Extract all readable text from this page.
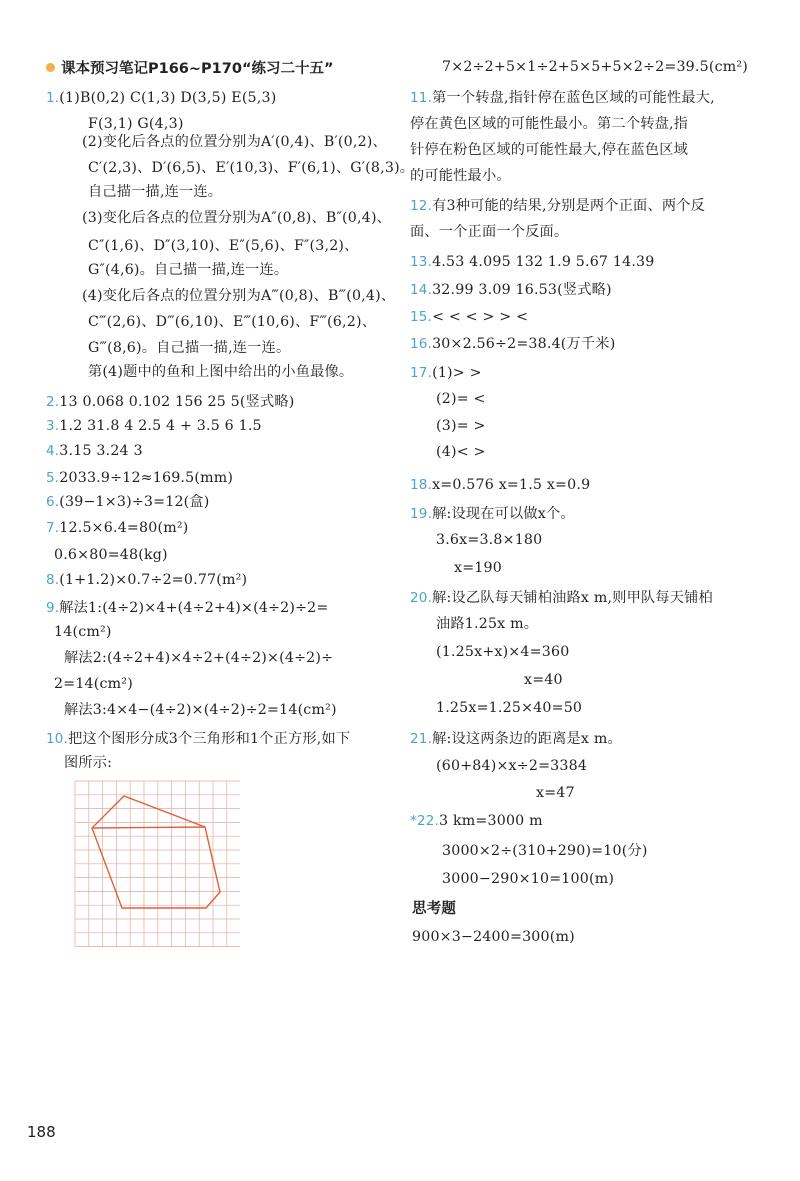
课本预习笔记P166~P170“练习二十五”
1.(1)B(0,2) C(1,3) D(3,5) E(5,3)
F(3,1) G(4,3)
(2)变化后各点的位置分别为A′(0,4)、B′(0,2)、
C′(2,3)、D′(6,5)、E′(10,3)、F′(6,1)、G′(8,3)。
自己描一描,连一连。
(3)变化后各点的位置分别为A″(0,8)、B″(0,4)、
C″(1,6)、D″(3,10)、E″(5,6)、F″(3,2)、
G″(4,6)。自己描一描,连一连。
(4)变化后各点的位置分别为A‴(0,8)、B‴(0,4)、
C‴(2,6)、D‴(6,10)、E‴(10,6)、F‴(6,2)、
G‴(8,6)。自己描一描,连一连。
第(4)题中的鱼和上图中给出的小鱼最像。
2.13 0.068 0.102 156 25 5(竖式略)
3.1.2 31.8 4 2.5 4 + 3.5 6 1.5
4.3.15 3.24 3
5.2033.9÷12≈169.5(mm)
6.(39−1×3)÷3=12(盒)
7.12.5×6.4=80(m²)
0.6×80=48(kg)
8.(1+1.2)×0.7÷2=0.77(m²)
9.解法1:(4÷2)×4+(4÷2+4)×(4÷2)÷2=
14(cm²)
解法2:(4÷2+4)×4÷2+(4÷2)×(4÷2)÷
2=14(cm²)
解法3:4×4−(4÷2)×(4÷2)÷2=14(cm²)
10.把这个图形分成3个三角形和1个正方形,如下
图所示:
7×2÷2+5×1÷2+5×5+5×2÷2=39.5(cm²)
11.第一个转盘,指针停在蓝色区域的可能性最大,
停在黄色区域的可能性最小。第二个转盘,指
针停在粉色区域的可能性最大,停在蓝色区域
的可能性最小。
12.有3种可能的结果,分别是两个正面、两个反
面、一个正面一个反面。
13.4.53 4.095 132 1.9 5.67 14.39
14.32.99 3.09 16.53(竖式略)
15.< < < > > <
16.30×2.56÷2=38.4(万千米)
17.(1)> >
(2)= <
(3)= >
(4)< >
18.x=0.576 x=1.5 x=0.9
19.解:设现在可以做x个。
3.6x=3.8×180
x=190
20.解:设乙队每天铺柏油路x m,则甲队每天铺柏
油路1.25x m。
(1.25x+x)×4=360
x=40
1.25x=1.25×40=50
21.解:设这两条边的距离是x m。
(60+84)×x÷2=3384
x=47
*22.3 km=3000 m
3000×2÷(310+290)=10(分)
3000−290×10=100(m)
思考题
900×3−2400=300(m)
188
